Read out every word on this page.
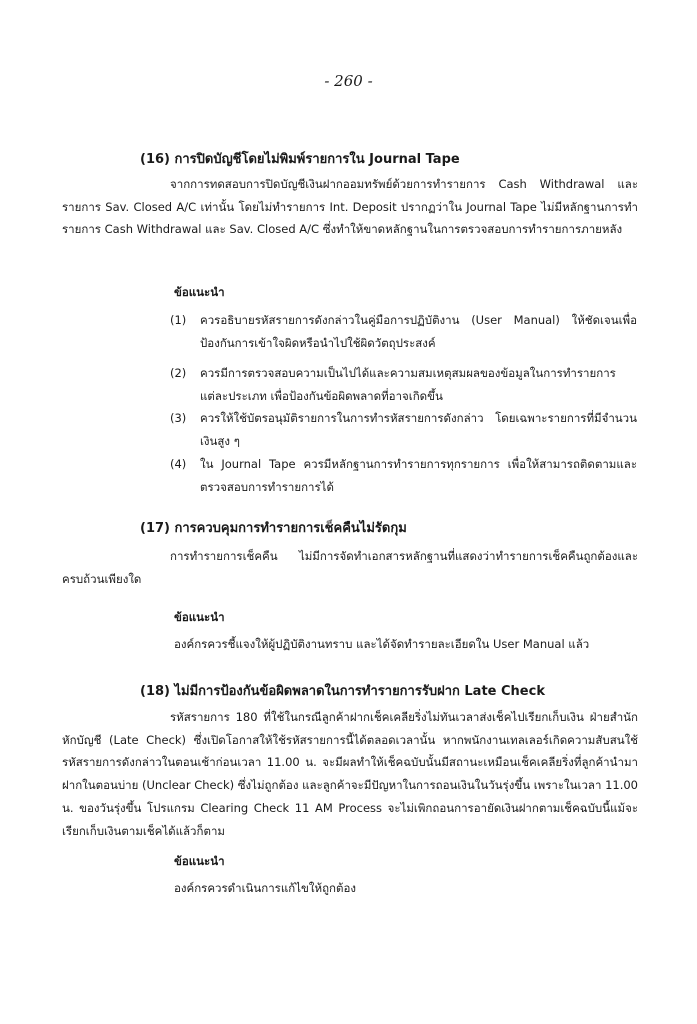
- 260 -
(16) การปิดบัญชีโดยไม่พิมพ์รายการใน Journal Tape
จากการทดสอบการปิดบัญชีเงินฝากออมทรัพย์ด้วยการทำรายการ Cash Withdrawal และรายการ Sav. Closed A/C เท่านั้น โดยไม่ทำรายการ Int. Deposit ปรากฏว่าใน Journal Tape ไม่มีหลักฐานการทำรายการ Cash Withdrawal และ Sav. Closed A/C ซึ่งทำให้ขาดหลักฐานในการตรวจสอบการทำรายการภายหลัง
ข้อแนะนำ
(1) ควรอธิบายรหัสรายการดังกล่าวในคู่มือการปฏิบัติงาน (User Manual) ให้ชัดเจนเพื่อป้องกันการเข้าใจผิดหรือนำไปใช้ผิดวัตถุประสงค์
(2) ควรมีการตรวจสอบความเป็นไปได้และความสมเหตุสมผลของข้อมูลในการทำรายการแต่ละประเภท เพื่อป้องกันข้อผิดพลาดที่อาจเกิดขึ้น
(3) ควรให้ใช้บัตรอนุมัติรายการในการทำรหัสรายการดังกล่าว โดยเฉพาะรายการที่มีจำนวนเงินสูง ๆ
(4) ใน Journal Tape ควรมีหลักฐานการทำรายการทุกรายการ เพื่อให้สามารถติดตามและตรวจสอบการทำรายการได้
(17) การควบคุมการทำรายการเช็คคืนไม่รัดกุม
การทำรายการเช็คคืน ไม่มีการจัดทำเอกสารหลักฐานที่แสดงว่าทำรายการเช็คคืนถูกต้องและครบถ้วนเพียงใด
ข้อแนะนำ
องค์กรควรชี้แจงให้ผู้ปฏิบัติงานทราบ และได้จัดทำรายละเอียดใน User Manual แล้ว
(18) ไม่มีการป้องกันข้อผิดพลาดในการทำรายการรับฝาก Late Check
รหัสรายการ 180 ที่ใช้ในกรณีลูกค้าฝากเช็คเคลียริ่งไม่ทันเวลาส่งเช็คไปเรียกเก็บเงิน ฝ่ายสำนักหักบัญชี (Late Check) ซึ่งเปิดโอกาสให้ใช้รหัสรายการนี้ได้ตลอดเวลานั้น หากพนักงานเทลเลอร์เกิดความสับสนใช้รหัสรายการดังกล่าวในตอนเช้าก่อนเวลา 11.00 น. จะมีผลทำให้เช็คฉบับนั้นมีสถานะเหมือนเช็คเคลียริ่งที่ลูกค้านำมาฝากในตอนบ่าย (Unclear Check) ซึ่งไม่ถูกต้อง และลูกค้าจะมีปัญหาในการถอนเงินในวันรุ่งขึ้น เพราะในเวลา 11.00 น. ของวันรุ่งขึ้น โปรแกรม Clearing Check 11 AM Process จะไม่เพิกถอนการอายัดเงินฝากตามเช็คฉบับนี้แม้จะเรียกเก็บเงินตามเช็คได้แล้วก็ตาม
ข้อแนะนำ
องค์กรควรดำเนินการแก้ไขให้ถูกต้อง
